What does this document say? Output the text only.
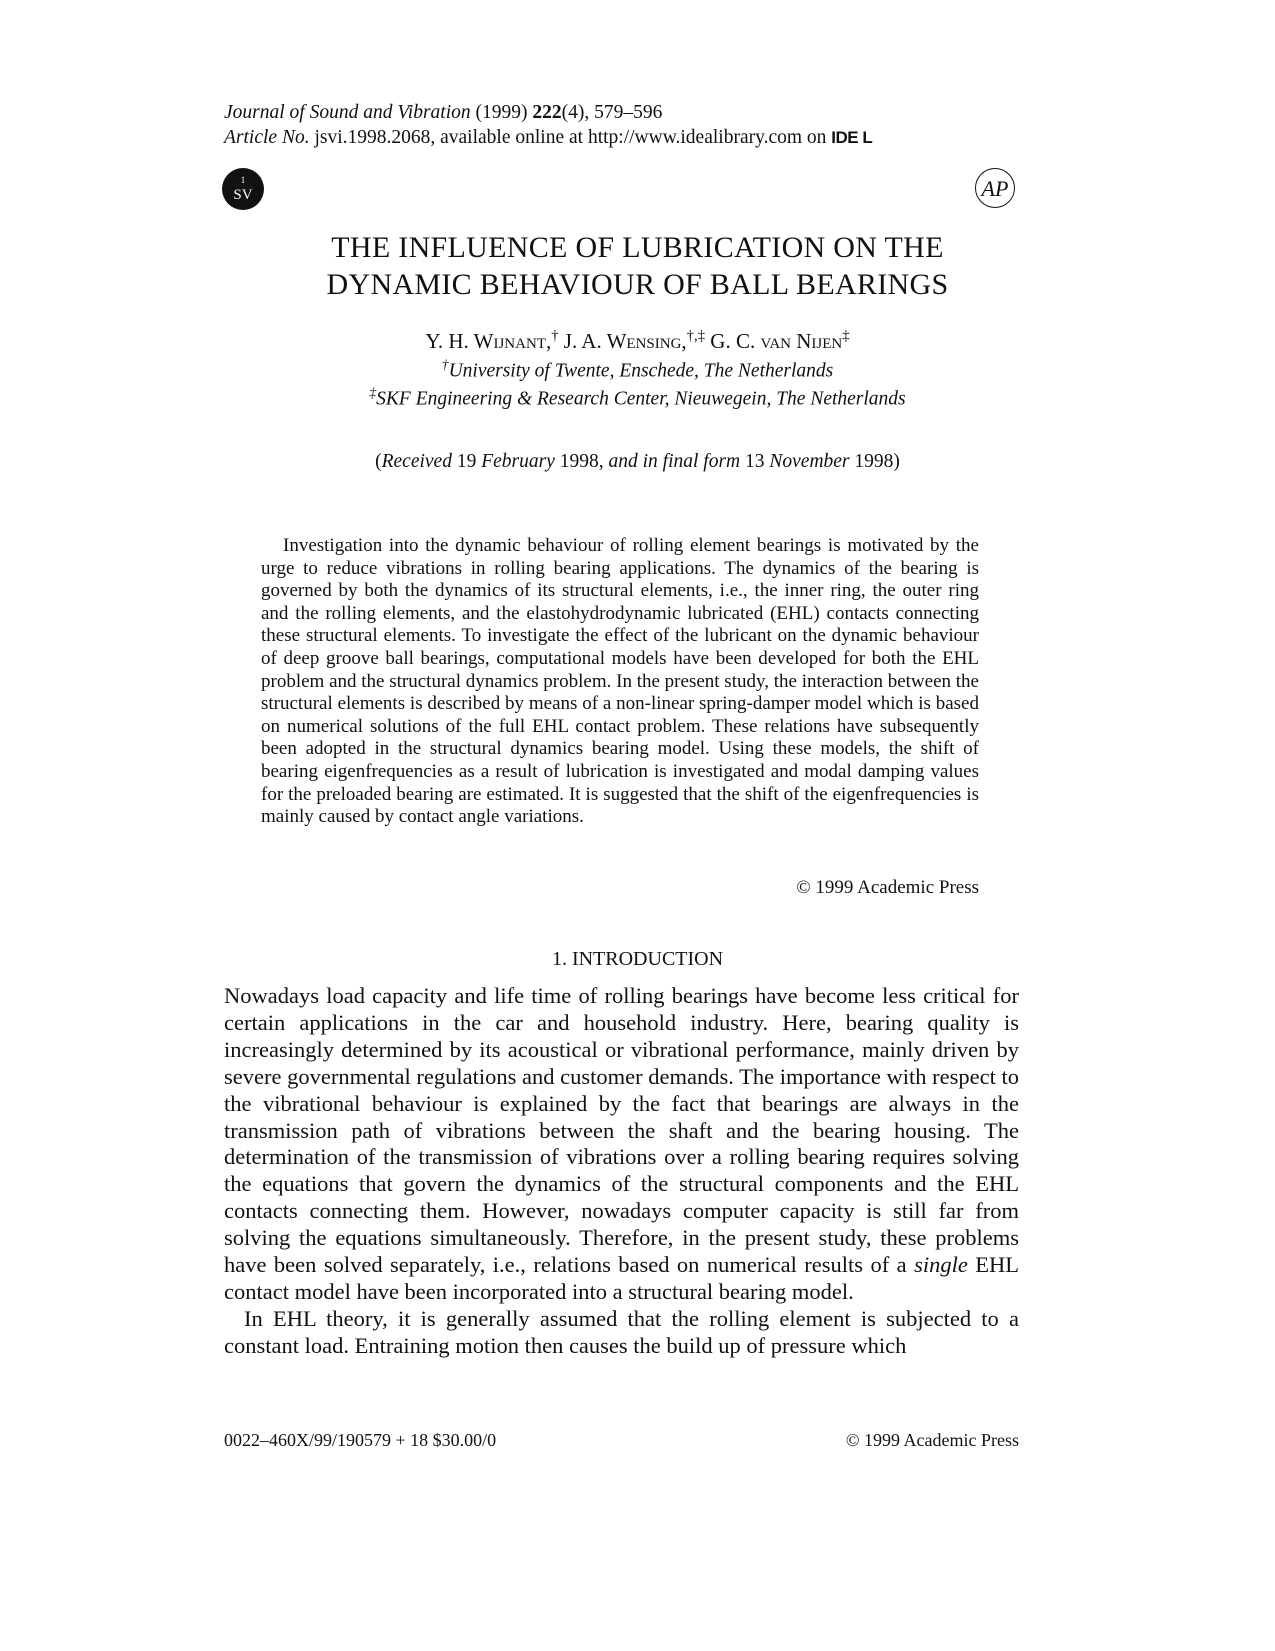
Journal of Sound and Vibration (1999) 222(4), 579–596
Article No. jsvi.1998.2068, available online at http://www.idealibrary.com on IDE L
1
SV	AP
THE INFLUENCE OF LUBRICATION ON THE
DYNAMIC BEHAVIOUR OF BALL BEARINGS
Y. H. Wijnant,† J. A. Wensing,†,‡ G. C. van Nijen‡
†University of Twente, Enschede, The Netherlands
‡SKF Engineering & Research Center, Nieuwegein, The Netherlands
(Received 19 February 1998, and in final form 13 November 1998)
Investigation into the dynamic behaviour of rolling element bearings is motivated by the urge to reduce vibrations in rolling bearing applications. The dynamics of the bearing is governed by both the dynamics of its structural elements, i.e., the inner ring, the outer ring and the rolling elements, and the elastohydrodynamic lubricated (EHL) contacts connecting these structural elements. To investigate the effect of the lubricant on the dynamic behaviour of deep groove ball bearings, computational models have been developed for both the EHL problem and the structural dynamics problem. In the present study, the interaction between the structural elements is described by means of a non-linear spring-damper model which is based on numerical solutions of the full EHL contact problem. These relations have subsequently been adopted in the structural dynamics bearing model. Using these models, the shift of bearing eigenfrequencies as a result of lubrication is investigated and modal damping values for the preloaded bearing are estimated. It is suggested that the shift of the eigenfrequencies is mainly caused by contact angle variations.
© 1999 Academic Press
1. INTRODUCTION

Nowadays load capacity and life time of rolling bearings have become less critical for certain applications in the car and household industry. Here, bearing quality is increasingly determined by its acoustical or vibrational performance, mainly driven by severe governmental regulations and customer demands. The importance with respect to the vibrational behaviour is explained by the fact that bearings are always in the transmission path of vibrations between the shaft and the bearing housing. The determination of the transmission of vibrations over a rolling bearing requires solving the equations that govern the dynamics of the structural components and the EHL contacts connecting them. However, nowadays computer capacity is still far from solving the equations simultaneously. Therefore, in the present study, these problems have been solved separately, i.e., relations based on numerical results of a single EHL contact model have been incorporated into a structural bearing model.

In EHL theory, it is generally assumed that the rolling element is subjected to a constant load. Entraining motion then causes the build up of pressure which

0022–460X/99/190579 + 18 $30.00/0	© 1999 Academic Press
